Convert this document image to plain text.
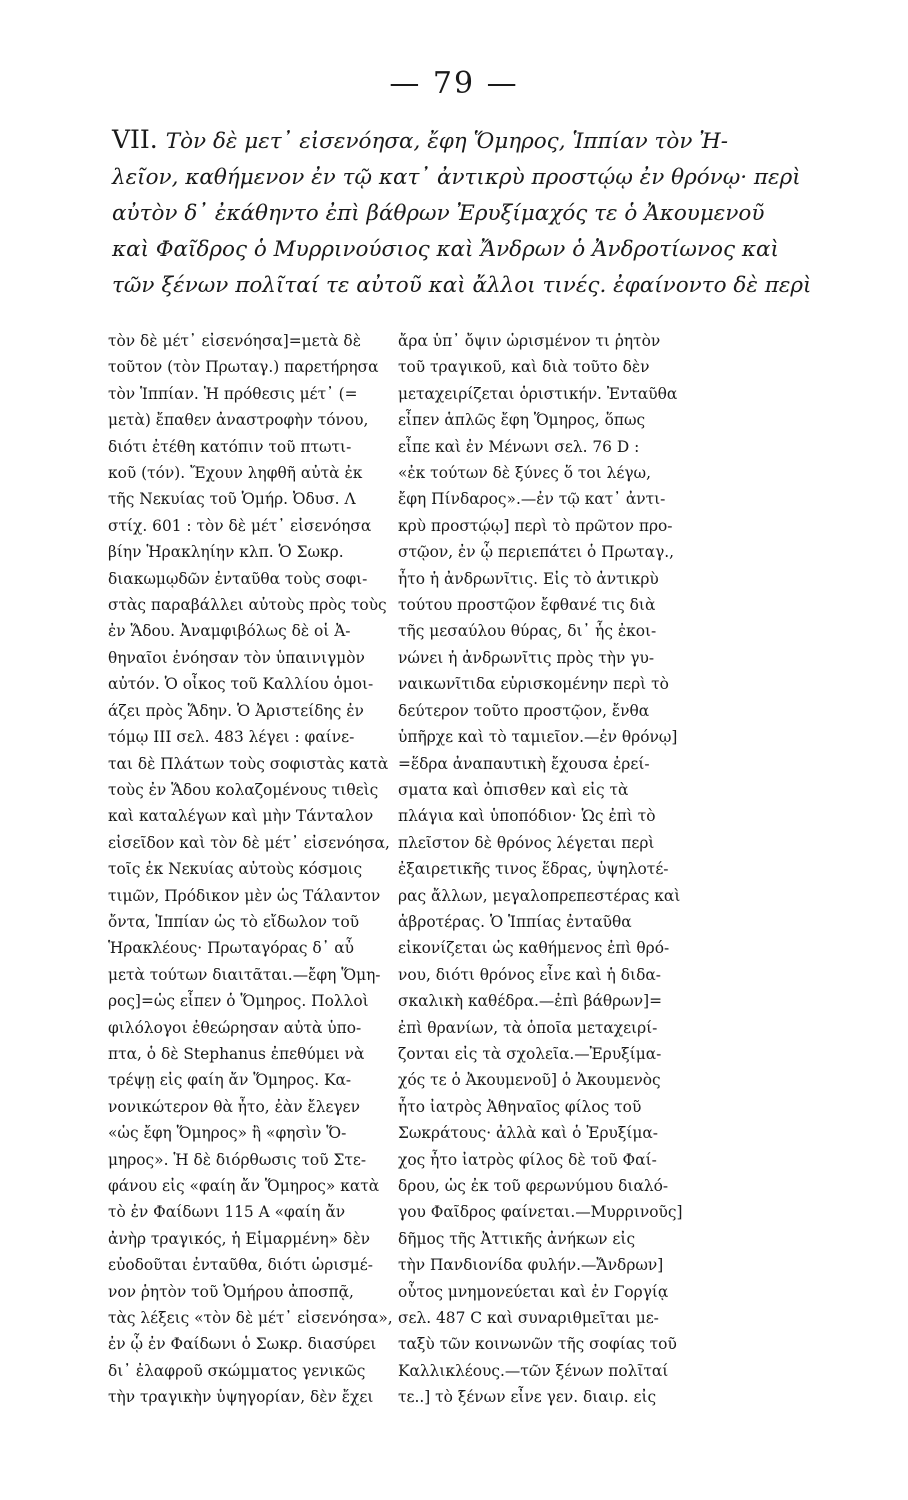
— 79 —
VII. Τὸν δὲ μετ᾽ εἰσενόησα, ἔφη Ὅμηρος, Ἱππίαν τὸν Ἠ-
λεῖον, καθήμενον ἐν τῷ κατ᾽ ἀντικρὺ προστῴῳ ἐν θρόνῳ· περὶ
αὐτὸν δ᾽ ἐκάθηντο ἐπὶ βάθρων Ἐρυξίμαχός τε ὁ Ἀκουμενοῦ
καὶ Φαῖδρος ὁ Μυρρινούσιος καὶ Ἄνδρων ὁ Ἀνδροτίωνος καὶ
τῶν ξένων πολῖταί τε αὐτοῦ καὶ ἄλλοι τινές. ἐφαίνοντο δὲ περὶ
τὸν δὲ μέτ᾽ εἰσενόησα]=μετὰ δὲ
τοῦτον (τὸν Πρωταγ.) παρετήρησα
τὸν Ἱππίαν. Ἡ πρόθεσις μέτ᾽ (=
μετὰ) ἔπαθεν ἀναστροφὴν τόνου,
διότι ἐτέθη κατόπιν τοῦ πτωτι-
κοῦ (τόν). Ἔχουν ληφθῆ αὐτὰ ἐκ
τῆς Νεκυίας τοῦ Ὁμήρ. Ὀδυσ. Λ
στίχ. 601 : τὸν δὲ μέτ᾽ εἰσενόησα
βίην Ἡρακληίην κλπ. Ὁ Σωκρ.
διακωμῳδῶν ἐνταῦθα τοὺς σοφι-
στὰς παραβάλλει αὐτοὺς πρὸς τοὺς
ἐν Ἅδου. Ἀναμφιβόλως δὲ οἱ Ἀ-
θηναῖοι ἐνόησαν τὸν ὑπαινιγμὸν
αὐτόν. Ὁ οἶκος τοῦ Καλλίου ὁμοι-
άζει πρὸς Ἅδην. Ὁ Ἀριστείδης ἐν
τόμῳ ΙΙΙ σελ. 483 λέγει : φαίνε-
ται δὲ Πλάτων τοὺς σοφιστὰς κατὰ
τοὺς ἐν Ἅδου κολαζομένους τιθεὶς
καὶ καταλέγων καὶ μὴν Τάνταλον
εἰσεῖδον καὶ τὸν δὲ μέτ᾽ εἰσενόησα,
τοῖς ἐκ Νεκυίας αὐτοὺς κόσμοις
τιμῶν, Πρόδικον μὲν ὡς Τάλαντον
ὄντα, Ἱππίαν ὡς τὸ εἴδωλον τοῦ
Ἡρακλέους· Πρωταγόρας δ᾽ αὖ
μετὰ τούτων διαιτᾶται.—ἔφη Ὅμη-
ρος]=ὡς εἶπεν ὁ Ὅμηρος. Πολλοὶ
φιλόλογοι ἐθεώρησαν αὐτὰ ὑπο-
πτα, ὁ δὲ Stephanus ἐπεθύμει νὰ
τρέψῃ εἰς φαίη ἄν Ὅμηρος. Κα-
νονικώτερον θὰ ἦτο, ἐὰν ἔλεγεν
«ὡς ἔφη Ὅμηρος» ἢ «φησὶν Ὅ-
μηρος». Ἡ δὲ διόρθωσις τοῦ Στε-
φάνου εἰς «φαίη ἄν Ὅμηρος» κατὰ
τὸ ἐν Φαίδωνι 115 A «φαίη ἄν
ἀνὴρ τραγικός, ἡ Εἱμαρμένη» δὲν
εὐοδοῦται ἐνταῦθα, διότι ὡρισμέ-
νον ῥητὸν τοῦ Ὁμήρου ἀποσπᾷ,
τὰς λέξεις «τὸν δὲ μέτ᾽ εἰσενόησα»,
ἐν ᾧ ἐν Φαίδωνι ὁ Σωκρ. διασύρει
δι᾽ ἐλαφροῦ σκώμματος γενικῶς
τὴν τραγικὴν ὑψηγορίαν, δὲν ἔχει
ἄρα ὑπ᾽ ὄψιν ὡρισμένον τι ῥητὸν
τοῦ τραγικοῦ, καὶ διὰ τοῦτο δὲν
μεταχειρίζεται ὁριστικήν. Ἐνταῦθα
εἶπεν ἁπλῶς ἔφη Ὅμηρος, ὅπως
εἶπε καὶ ἐν Μένωνι σελ. 76 D :
«ἐκ τούτων δὲ ξύνες ὅ τοι λέγω,
ἔφη Πίνδαρος».—ἐν τῷ κατ᾽ ἀντι-
κρὺ προστῴῳ] περὶ τὸ πρῶτον προ-
στῷον, ἐν ᾧ περιεπάτει ὁ Πρωταγ.,
ἦτο ἡ ἀνδρωνῖτις. Εἰς τὸ ἀντικρὺ
τούτου προστῷον ἔφθανέ τις διὰ
τῆς μεσαύλου θύρας, δι᾽ ἧς ἐκοι-
νώνει ἡ ἀνδρωνῖτις πρὸς τὴν γυ-
ναικωνῖτιδα εὑρισκομένην περὶ τὸ
δεύτερον τοῦτο προστῷον, ἔνθα
ὑπῆρχε καὶ τὸ ταμιεῖον.—ἐν θρόνῳ]
=ἕδρα ἀναπαυτικὴ ἔχουσα ἐρεί-
σματα καὶ ὀπισθεν καὶ εἰς τὰ
πλάγια καὶ ὑποπόδιον· Ὡς ἐπὶ τὸ
πλεῖστον δὲ θρόνος λέγεται περὶ
ἐξαιρετικῆς τινος ἕδρας, ὑψηλοτέ-
ρας ἄλλων, μεγαλοπρεπεστέρας καὶ
ἁβροτέρας. Ὁ Ἱππίας ἐνταῦθα
εἰκονίζεται ὡς καθήμενος ἐπὶ θρό-
νου, διότι θρόνος εἶνε καὶ ἡ διδα-
σκαλικὴ καθέδρα.—ἐπὶ βάθρων]=
ἐπὶ θρανίων, τὰ ὁποῖα μεταχειρί-
ζονται εἰς τὰ σχολεῖα.—Ἐρυξίμα-
χός τε ὁ Ἀκουμενοῦ] ὁ Ἀκουμενὸς
ἦτο ἰατρὸς Ἀθηναῖος φίλος τοῦ
Σωκράτους· ἀλλὰ καὶ ὁ Ἐρυξίμα-
χος ἦτο ἰατρὸς φίλος δὲ τοῦ Φαί-
δρου, ὡς ἐκ τοῦ φερωνύμου διαλό-
γου Φαῖδρος φαίνεται.—Μυρρινοῦς]
δῆμος τῆς Ἀττικῆς ἀνήκων εἰς
τὴν Πανδιονίδα φυλήν.—Ἄνδρων]
οὗτος μνημονεύεται καὶ ἐν Γοργίᾳ
σελ. 487 C καὶ συναριθμεῖται με-
ταξὺ τῶν κοινωνῶν τῆς σοφίας τοῦ
Καλλικλέους.—τῶν ξένων πολῖταί
τε..] τὸ ξένων εἶνε γεν. διαιρ. εἰς
